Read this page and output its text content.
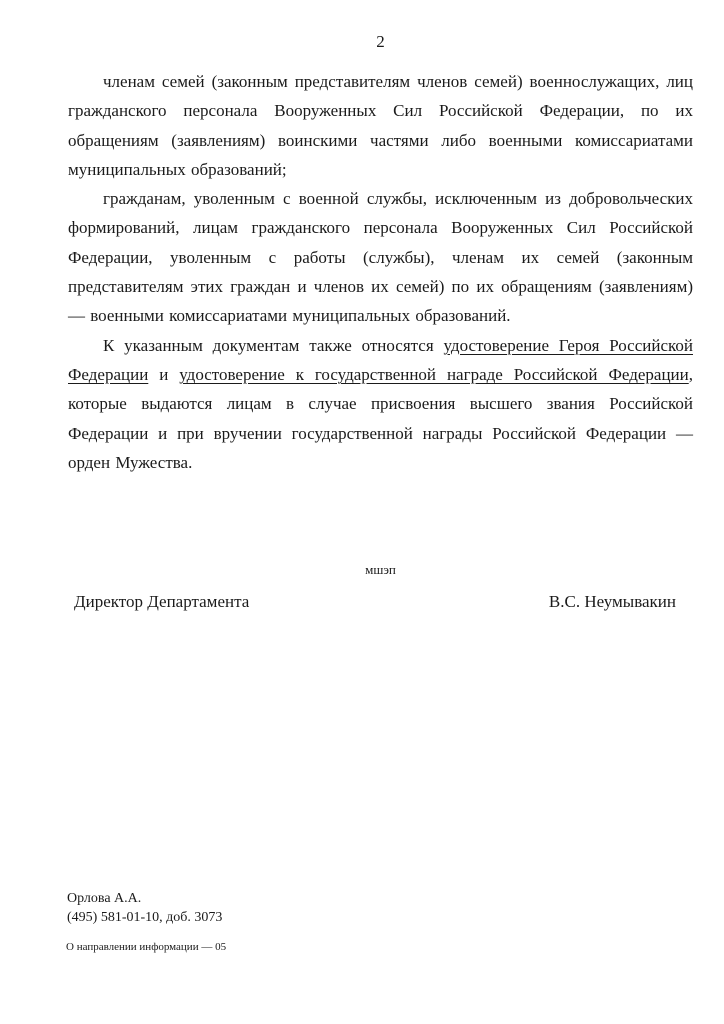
2

членам семей (законным представителям членов семей) военнослужащих, лиц гражданского персонала Вооруженных Сил Российской Федерации, по их обращениям (заявлениям) воинскими частями либо военными комиссариатами муниципальных образований;

гражданам, уволенным с военной службы, исключенным из добровольческих формирований, лицам гражданского персонала Вооруженных Сил Российской Федерации, уволенным с работы (службы), членам их семей (законным представителям этих граждан и членов их семей) по их обращениям (заявлениям) — военными комиссариатами муниципальных образований.

К указанным документам также относятся удостоверение Героя Российской Федерации и удостоверение к государственной награде Российской Федерации, которые выдаются лицам в случае присвоения высшего звания Российской Федерации и при вручении государственной награды Российской Федерации — орден Мужества.

мшэп
Директор Департамента	В.С. Неумывакин
Орлова А.А.
(495) 581-01-10, доб. 3073
О направлении информации — 05
